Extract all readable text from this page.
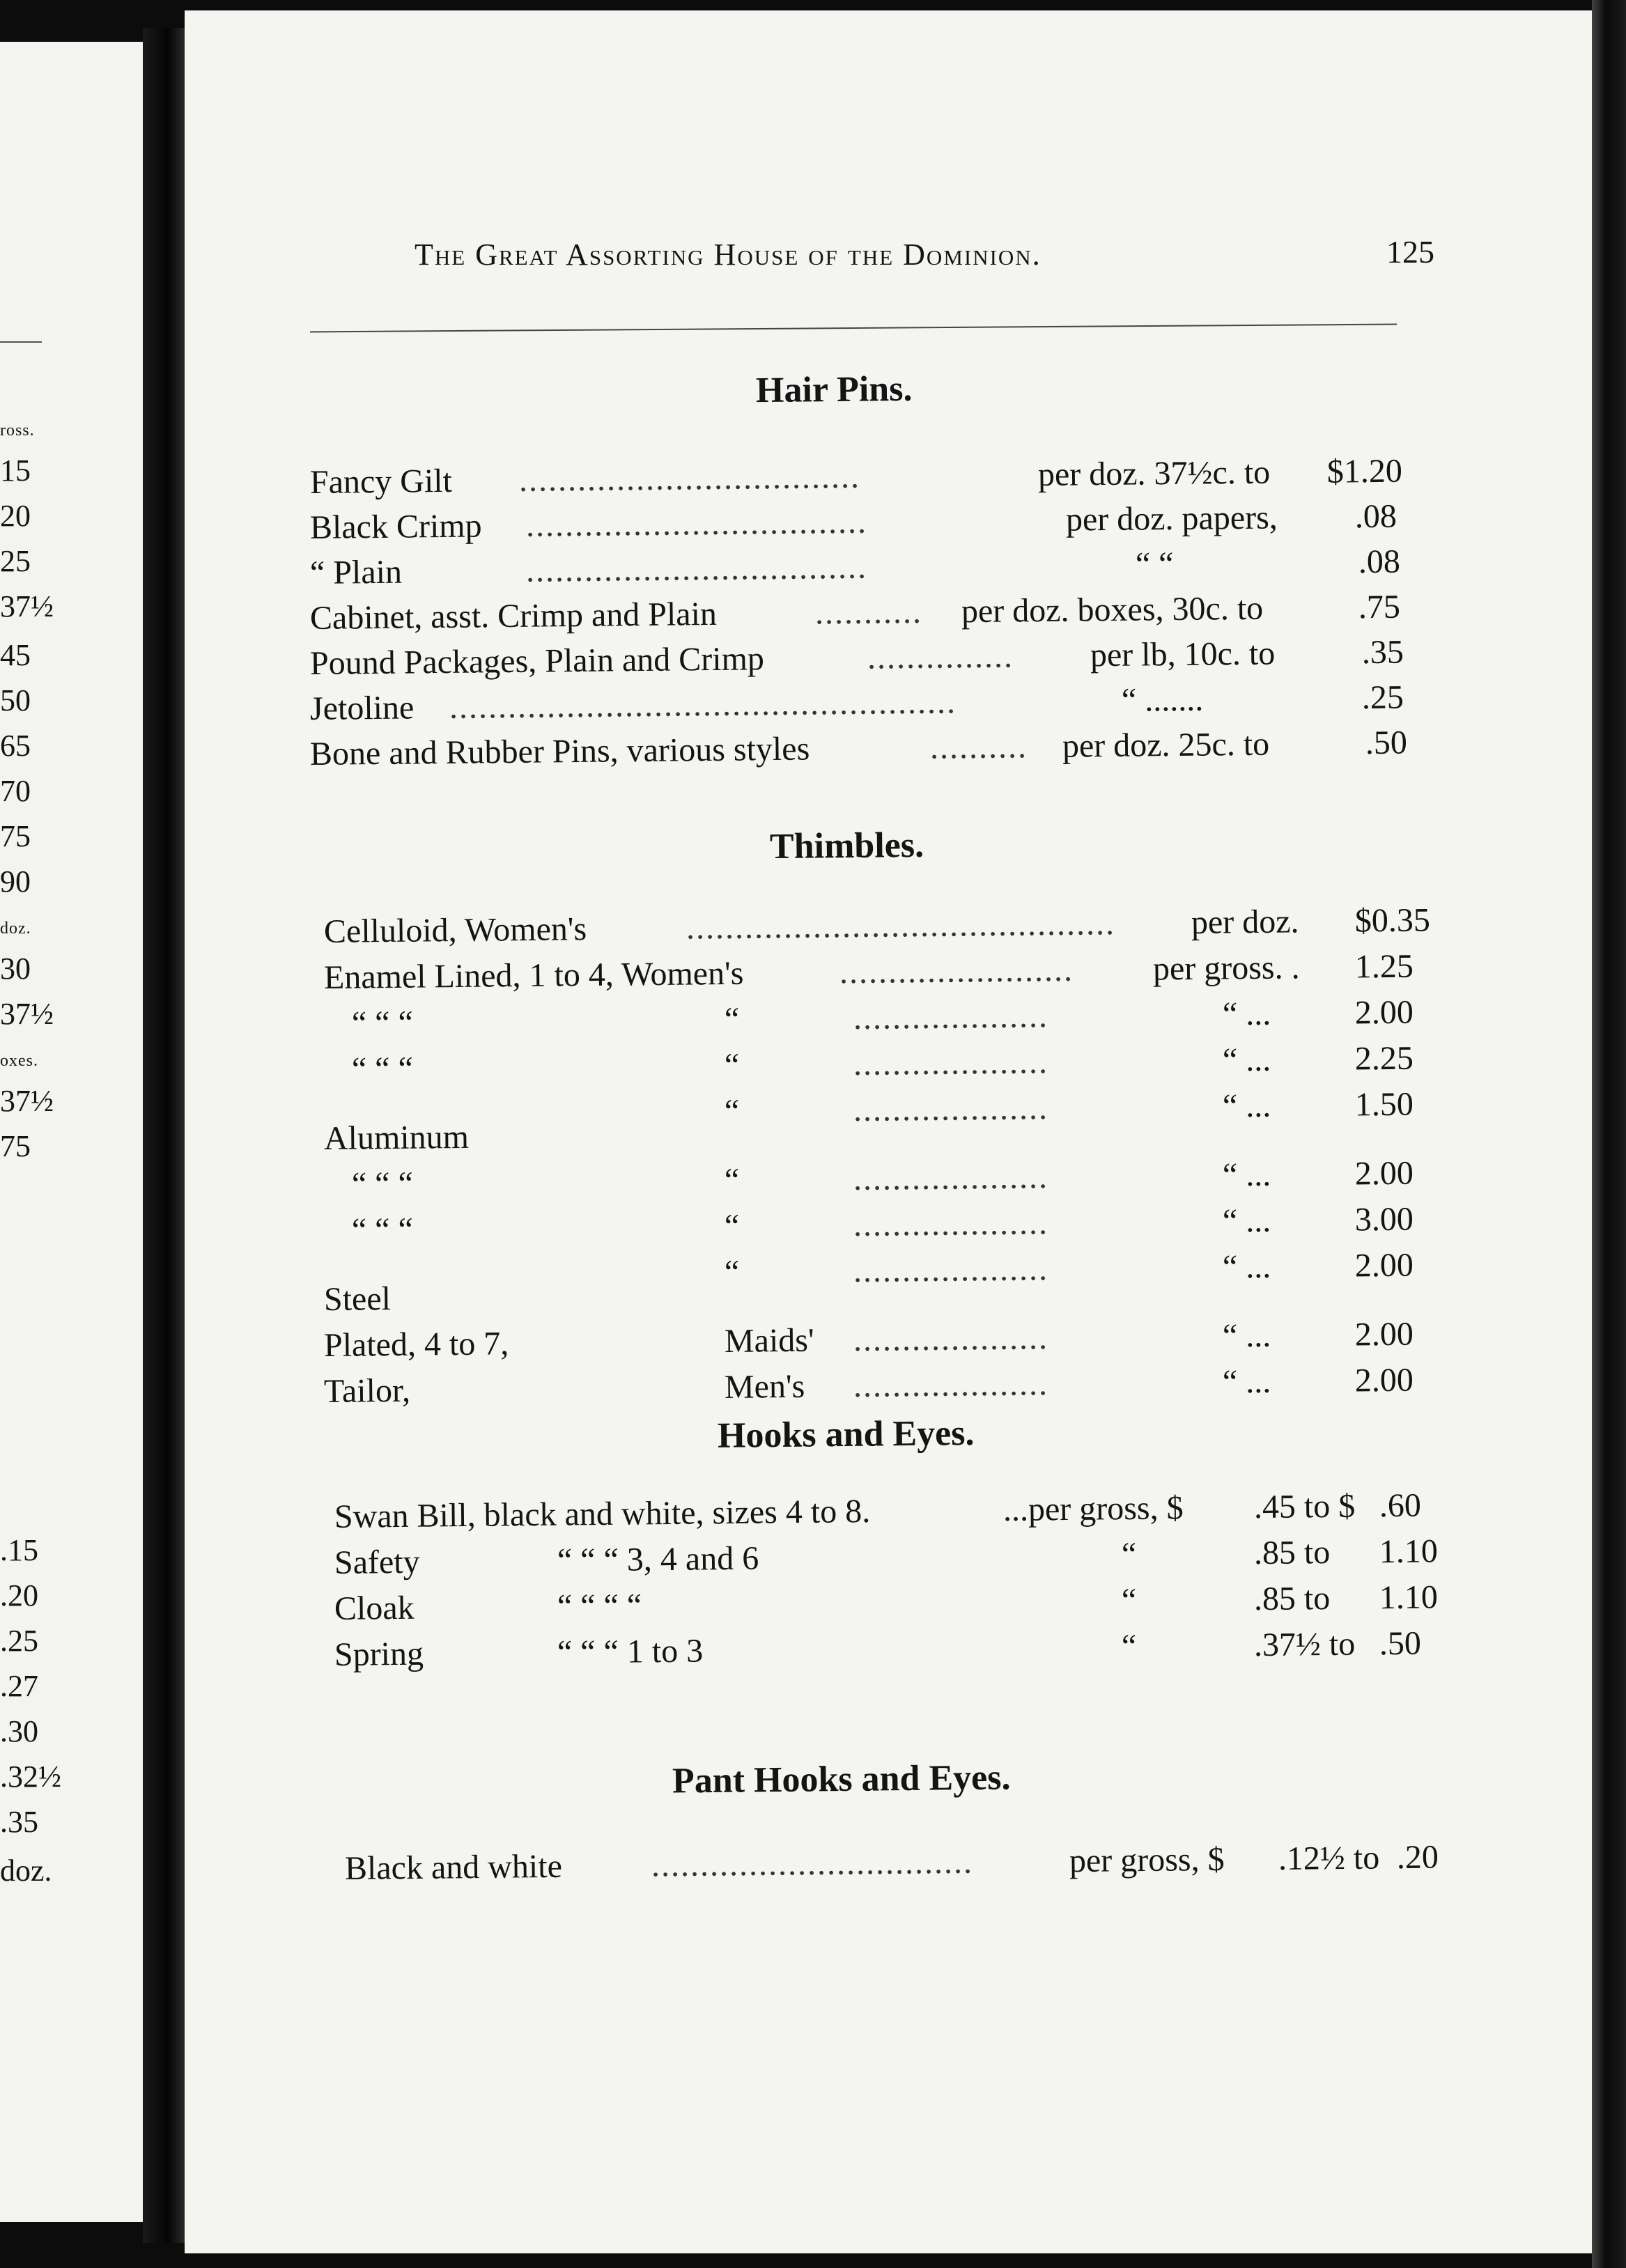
ross.
15
20
25
37½
45
50
65
70
75
90
doz.
30
37½
oxes.
37½
75
.15
.20
.25
.27
.30
.32½
.35
doz.
The Great Assorting House of the Dominion.	125
Hair Pins.
Fancy Gilt ...................................	per doz. 37½c. to $1.20
Black Crimp ...................................	per doz. papers, .08
“ Plain	...................................	“ “	.08
Cabinet, asst. Crimp and Plain	........... per doz. boxes, 30c. to	.75
Pound Packages, Plain and Crimp	............... per lb, 10c. to	.35
Jetoline ....................................................	“ .......	.25
Bone and Rubber Pins, various styles	.......... per doz. 25c. to	.50
Thimbles.
Celluloid, Women's	............................................ per doz. $0.35
Enamel Lined, 1 to 4, Women's	........................ per gross. . 1.25
“ “ “	“	....................	“ ...	2.00
“ “ “	“	....................	“ ...	2.25
“	....................	“ ...	1.50
Aluminum
“ “ “	“	....................	“ ...	2.00
“ “ “	“	....................	“ ...	3.00
“	....................	“ ...	2.00
Steel
Plated, 4 to 7,	Maids' ....................	“ ...	2.00
Tailor,	Men's ....................	“ ...	2.00
Hooks and Eyes.
Swan Bill, black and white, sizes 4 to 8.	...per gross, $ .45 to $ .60
Safety	“ “ “ 3, 4 and 6	“	.85 to 1.10
Cloak	“ “ “ “	“	.85 to 1.10
Spring	“ “ “ 1 to 3	“	.37½ to .50
Pant Hooks and Eyes.
Black and white	.................................	per gross, $ .12½ to .20
